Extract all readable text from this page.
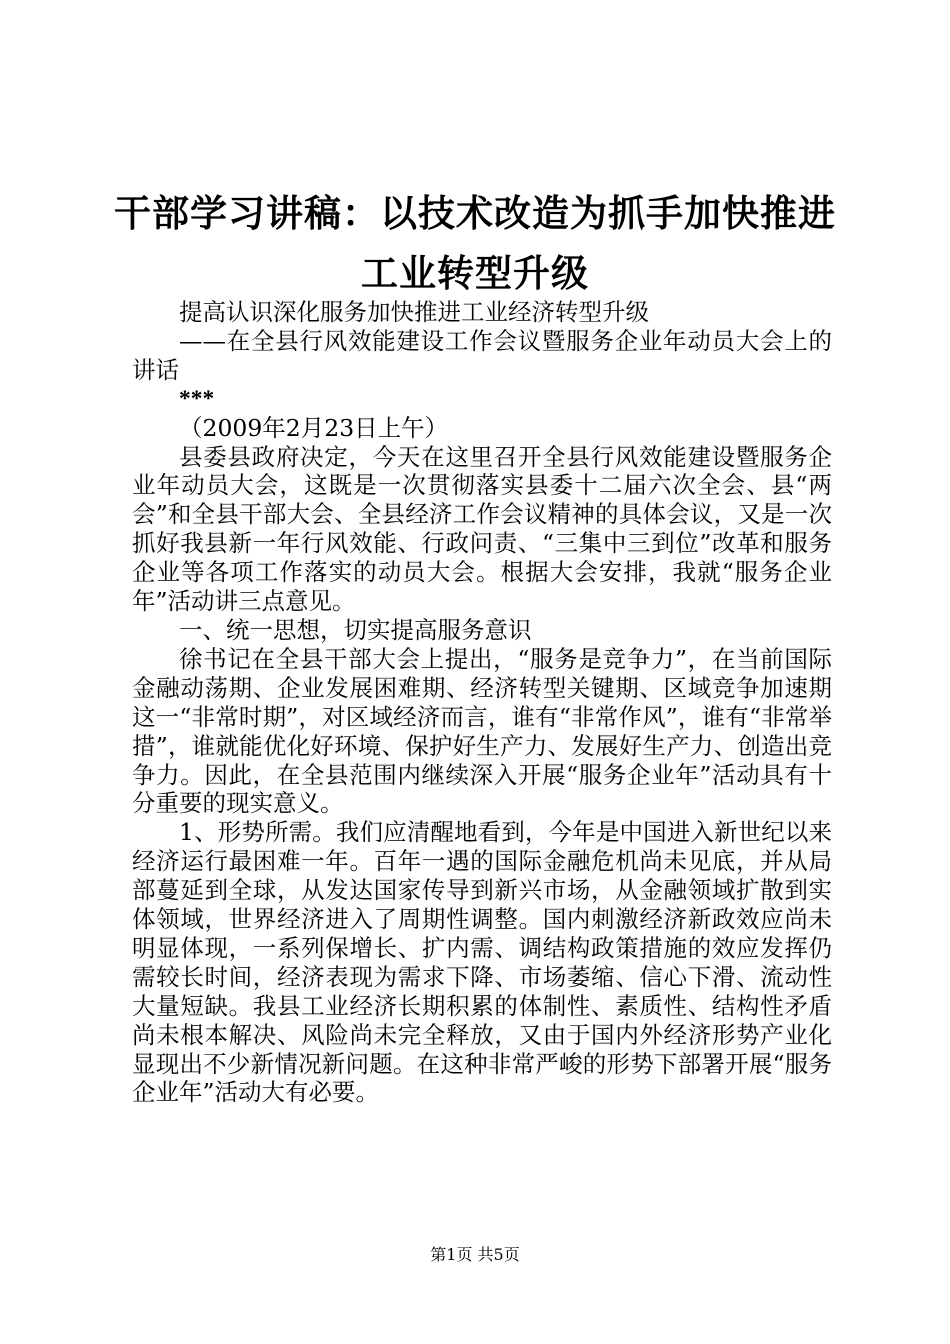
干部学习讲稿：以技术改造为抓手加快推进工业转型升级

提高认识深化服务加快推进工业经济转型升级

——在全县行风效能建设工作会议暨服务企业年动员大会上的讲话

***

（2009年2月23日上午）

县委县政府决定，今天在这里召开全县行风效能建设暨服务企业年动员大会，这既是一次贯彻落实县委十二届六次全会、县“两会”和全县干部大会、全县经济工作会议精神的具体会议，又是一次抓好我县新一年行风效能、行政问责、“三集中三到位”改革和服务企业等各项工作落实的动员大会。根据大会安排，我就“服务企业年”活动讲三点意见。

一、统一思想，切实提高服务意识

徐书记在全县干部大会上提出，“服务是竞争力”，在当前国际金融动荡期、企业发展困难期、经济转型关键期、区域竞争加速期这一“非常时期”，对区域经济而言，谁有“非常作风”，谁有“非常举措”，谁就能优化好环境、保护好生产力、发展好生产力、创造出竞争力。因此，在全县范围内继续深入开展“服务企业年”活动具有十分重要的现实意义。

1、形势所需。我们应清醒地看到，今年是中国进入新世纪以来经济运行最困难一年。百年一遇的国际金融危机尚未见底，并从局部蔓延到全球，从发达国家传导到新兴市场，从金融领域扩散到实体领域，世界经济进入了周期性调整。国内刺激经济新政效应尚未明显体现，一系列保增长、扩内需、调结构政策措施的效应发挥仍需较长时间，经济表现为需求下降、市场萎缩、信心下滑、流动性大量短缺。我县工业经济长期积累的体制性、素质性、结构性矛盾尚未根本解决、风险尚未完全释放，又由于国内外经济形势产业化显现出不少新情况新问题。在这种非常严峻的形势下部署开展“服务企业年”活动大有必要。

第1页 共5页
